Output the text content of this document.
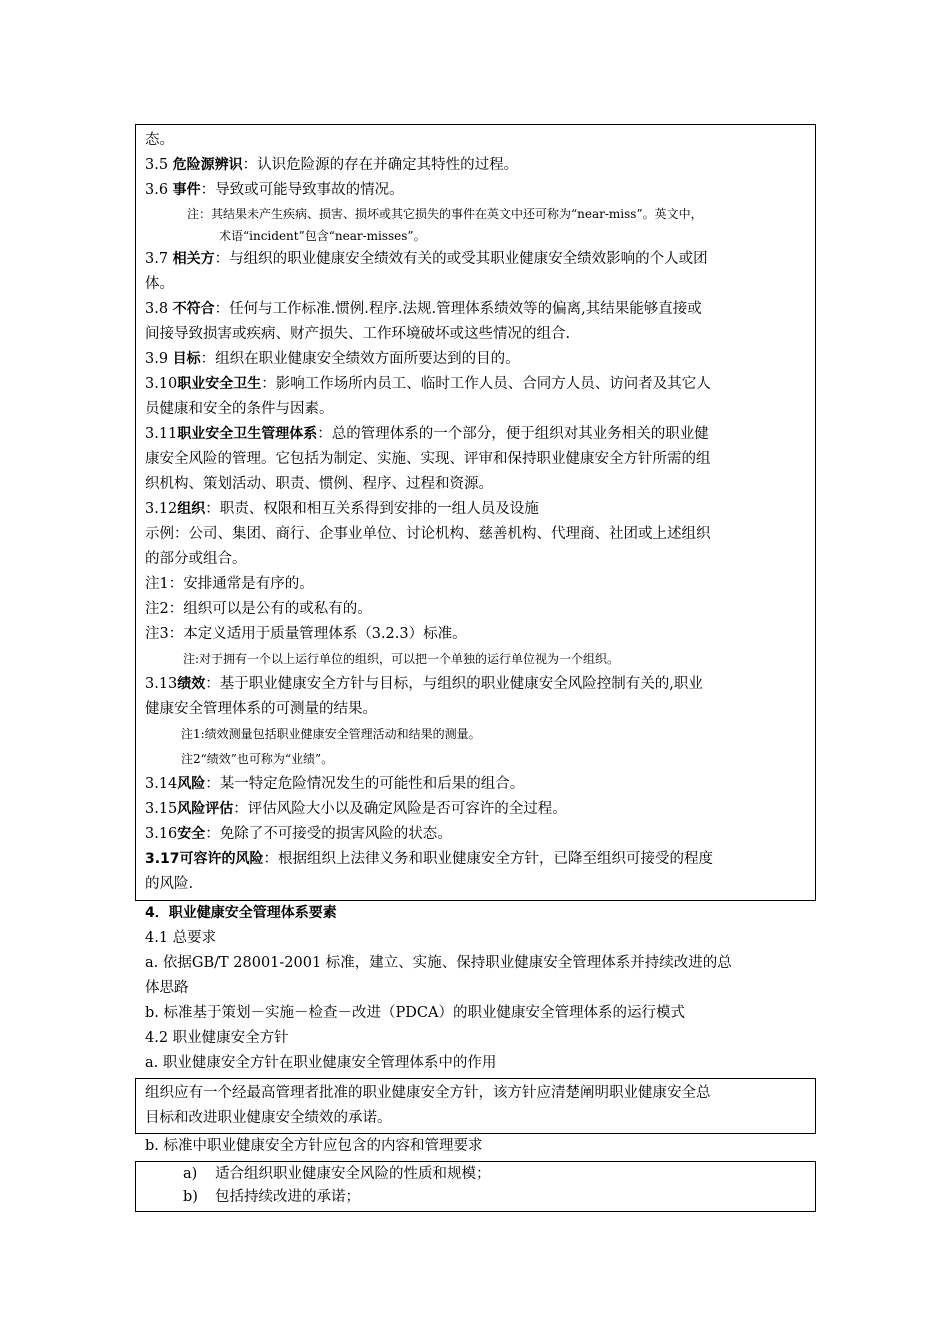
态。
3.5 危险源辨识：认识危险源的存在并确定其特性的过程。
3.6 事件：导致或可能导致事故的情况。
注：其结果未产生疾病、损害、损坏或其它损失的事件在英文中还可称为“near-miss”。英文中，
术语“incident”包含“near-misses”。
3.7 相关方：与组织的职业健康安全绩效有关的或受其职业健康安全绩效影响的个人或团
体。
3.8 不符合：任何与工作标准.惯例.程序.法规.管理体系绩效等的偏离,其结果能够直接或
间接导致损害或疾病、财产损失、工作环境破坏或这些情况的组合.
3.9 目标：组织在职业健康安全绩效方面所要达到的目的。
3.10职业安全卫生：影响工作场所内员工、临时工作人员、合同方人员、访问者及其它人
员健康和安全的条件与因素。
3.11职业安全卫生管理体系：总的管理体系的一个部分，便于组织对其业务相关的职业健
康安全风险的管理。它包括为制定、实施、实现、评审和保持职业健康安全方针所需的组
织机构、策划活动、职责、惯例、程序、过程和资源。
3.12组织：职责、权限和相互关系得到安排的一组人员及设施
示例：公司、集团、商行、企事业单位、讨论机构、慈善机构、代理商、社团或上述组织
的部分或组合。
注1：安排通常是有序的。
注2：组织可以是公有的或私有的。
注3：本定义适用于质量管理体系（3.2.3）标准。
注:对于拥有一个以上运行单位的组织，可以把一个单独的运行单位视为一个组织。
3.13绩效：基于职业健康安全方针与目标，与组织的职业健康安全风险控制有关的,职业
健康安全管理体系的可测量的结果。
注1:绩效测量包括职业健康安全管理活动和结果的测量。
注2“绩效”也可称为“业绩”。
3.14风险：某一特定危险情况发生的可能性和后果的组合。
3.15风险评估：评估风险大小以及确定风险是否可容许的全过程。
3.16安全：免除了不可接受的损害风险的状态。
3.17可容许的风险：根据组织上法律义务和职业健康安全方针，已降至组织可接受的程度
的风险.
4．职业健康安全管理体系要素
4.1 总要求
a. 依据GB/T 28001-2001 标准，建立、实施、保持职业健康安全管理体系并持续改进的总
体思路
b. 标准基于策划－实施－检查－改进（PDCA）的职业健康安全管理体系的运行模式
4.2 职业健康安全方针
a. 职业健康安全方针在职业健康安全管理体系中的作用
组织应有一个经最高管理者批准的职业健康安全方针，该方针应清楚阐明职业健康安全总
目标和改进职业健康安全绩效的承诺。
b. 标准中职业健康安全方针应包含的内容和管理要求
a) 适合组织职业健康安全风险的性质和规模；
b) 包括持续改进的承诺；
